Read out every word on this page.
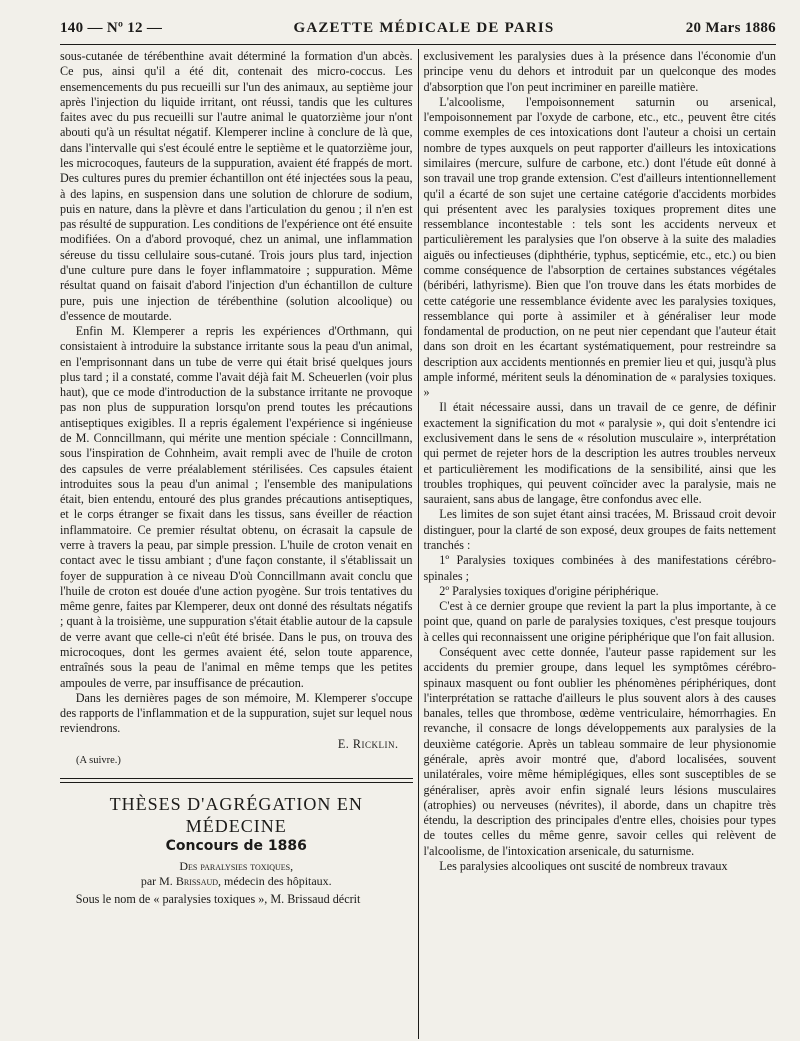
140 — Nº 12 —	GAZETTE MÉDICALE DE PARIS	20 Mars 1886

sous-cutanée de térébenthine avait déterminé la formation d'un abcès. Ce pus, ainsi qu'il a été dit, contenait des micro-coccus. Les ensemencements du pus recueilli sur l'un des animaux, au septième jour après l'injection du liquide irritant, ont réussi, tandis que les cultures faites avec du pus recueilli sur l'autre animal le quatorzième jour n'ont abouti qu'à un résultat négatif. Klemperer incline à conclure de là que, dans l'intervalle qui s'est écoulé entre le septième et le quatorzième jour, les microcoques, fauteurs de la suppuration, avaient été frappés de mort. Des cultures pures du premier échantillon ont été injectées sous la peau, à des lapins, en suspension dans une solution de chlorure de sodium, puis en nature, dans la plèvre et dans l'articulation du genou ; il n'en est pas résulté de suppuration. Les conditions de l'expérience ont été ensuite modifiées. On a d'abord provoqué, chez un animal, une inflammation séreuse du tissu cellulaire sous-cutané. Trois jours plus tard, injection d'une culture pure dans le foyer inflammatoire ; suppuration. Même résultat quand on faisait d'abord l'injection d'un échantillon de culture pure, puis une injection de térébenthine (solution alcoolique) ou d'essence de moutarde.

Enfin M. Klemperer a repris les expériences d'Orthmann, qui consistaient à introduire la substance irritante sous la peau d'un animal, en l'emprisonnant dans un tube de verre qui était brisé quelques jours plus tard ; il a constaté, comme l'avait déjà fait M. Scheuerlen (voir plus haut), que ce mode d'introduction de la substance irritante ne provoque pas non plus de suppuration lorsqu'on prend toutes les précautions antiseptiques exigibles. Il a repris également l'expérience si ingénieuse de M. Conncillmann, qui mérite une mention spéciale : Conncillmann, sous l'inspiration de Cohnheim, avait rempli avec de l'huile de croton des capsules de verre préalablement stérilisées. Ces capsules étaient introduites sous la peau d'un animal ; l'ensemble des manipulations était, bien entendu, entouré des plus grandes précautions antiseptiques, et le corps étranger se fixait dans les tissus, sans éveiller de réaction inflammatoire. Ce premier résultat obtenu, on écrasait la capsule de verre à travers la peau, par simple pression. L'huile de croton venait en contact avec le tissu ambiant ; d'une façon constante, il s'établissait un foyer de suppuration à ce niveau D'où Conncillmann avait conclu que l'huile de croton est douée d'une action pyogène. Sur trois tentatives du même genre, faites par Klemperer, deux ont donné des résultats négatifs ; quant à la troisième, une suppuration s'était établie autour de la capsule de verre avant que celle-ci n'eût été brisée. Dans le pus, on trouva des microcoques, dont les germes avaient été, selon toute apparence, entraînés sous la peau de l'animal en même temps que les petites ampoules de verre, par insuffisance de précaution.

Dans les dernières pages de son mémoire, M. Klemperer s'occupe des rapports de l'inflammation et de la suppuration, sujet sur lequel nous reviendrons.

E. Ricklin.
(A suivre.)
THÈSES D'AGRÉGATION EN MÉDECINE
Concours de 1886
Des paralysies toxiques,
par M. Brissaud, médecin des hôpitaux.

Sous le nom de « paralysies toxiques », M. Brissaud décrit

exclusivement les paralysies dues à la présence dans l'économie d'un principe venu du dehors et introduit par un quelconque des modes d'absorption que l'on peut incriminer en pareille matière.

L'alcoolisme, l'empoisonnement saturnin ou arsenical, l'empoisonnement par l'oxyde de carbone, etc., etc., peuvent être cités comme exemples de ces intoxications dont l'auteur a choisi un certain nombre de types auxquels on peut rapporter d'ailleurs les intoxications similaires (mercure, sulfure de carbone, etc.) dont l'étude eût donné à son travail une trop grande extension. C'est d'ailleurs intentionnellement qu'il a écarté de son sujet une certaine catégorie d'accidents morbides qui présentent avec les paralysies toxiques proprement dites une ressemblance incontestable : tels sont les accidents nerveux et particulièrement les paralysies que l'on observe à la suite des maladies aiguës ou infectieuses (diphthérie, typhus, septicémie, etc., etc.) ou bien comme conséquence de l'absorption de certaines substances végétales (béribéri, lathyrisme). Bien que l'on trouve dans les états morbides de cette catégorie une ressemblance évidente avec les paralysies toxiques, ressemblance qui porte à assimiler et à généraliser leur mode fondamental de production, on ne peut nier cependant que l'auteur était dans son droit en les écartant systématiquement, pour restreindre sa description aux accidents mentionnés en premier lieu et qui, jusqu'à plus ample informé, méritent seuls la dénomination de « paralysies toxiques. »

Il était nécessaire aussi, dans un travail de ce genre, de définir exactement la signification du mot « paralysie », qui doit s'entendre ici exclusivement dans le sens de « résolution musculaire », interprétation qui permet de rejeter hors de la description les autres troubles nerveux et particulièrement les modifications de la sensibilité, ainsi que les troubles trophiques, qui peuvent coïncider avec la paralysie, mais ne sauraient, sans abus de langage, être confondus avec elle.

Les limites de son sujet étant ainsi tracées, M. Brissaud croit devoir distinguer, pour la clarté de son exposé, deux groupes de faits nettement tranchés :

1º Paralysies toxiques combinées à des manifestations cérébro-spinales ;

2º Paralysies toxiques d'origine périphérique.

C'est à ce dernier groupe que revient la part la plus importante, à ce point que, quand on parle de paralysies toxiques, c'est presque toujours à celles qui reconnaissent une origine périphérique que l'on fait allusion.

Conséquent avec cette donnée, l'auteur passe rapidement sur les accidents du premier groupe, dans lequel les symptômes cérébro-spinaux masquent ou font oublier les phénomènes périphériques, dont l'interprétation se rattache d'ailleurs le plus souvent alors à des causes banales, telles que thrombose, œdème ventriculaire, hémorrhagies. En revanche, il consacre de longs développements aux paralysies de la deuxième catégorie. Après un tableau sommaire de leur physionomie générale, après avoir montré que, d'abord localisées, souvent unilatérales, voire même hémiplégiques, elles sont susceptibles de se généraliser, après avoir enfin signalé leurs lésions musculaires (atrophies) ou nerveuses (névrites), il aborde, dans un chapitre très étendu, la description des principales d'entre elles, choisies pour types de toutes celles du même genre, savoir celles qui relèvent de l'alcoolisme, de l'intoxication arsenicale, du saturnisme.

Les paralysies alcooliques ont suscité de nombreux travaux
